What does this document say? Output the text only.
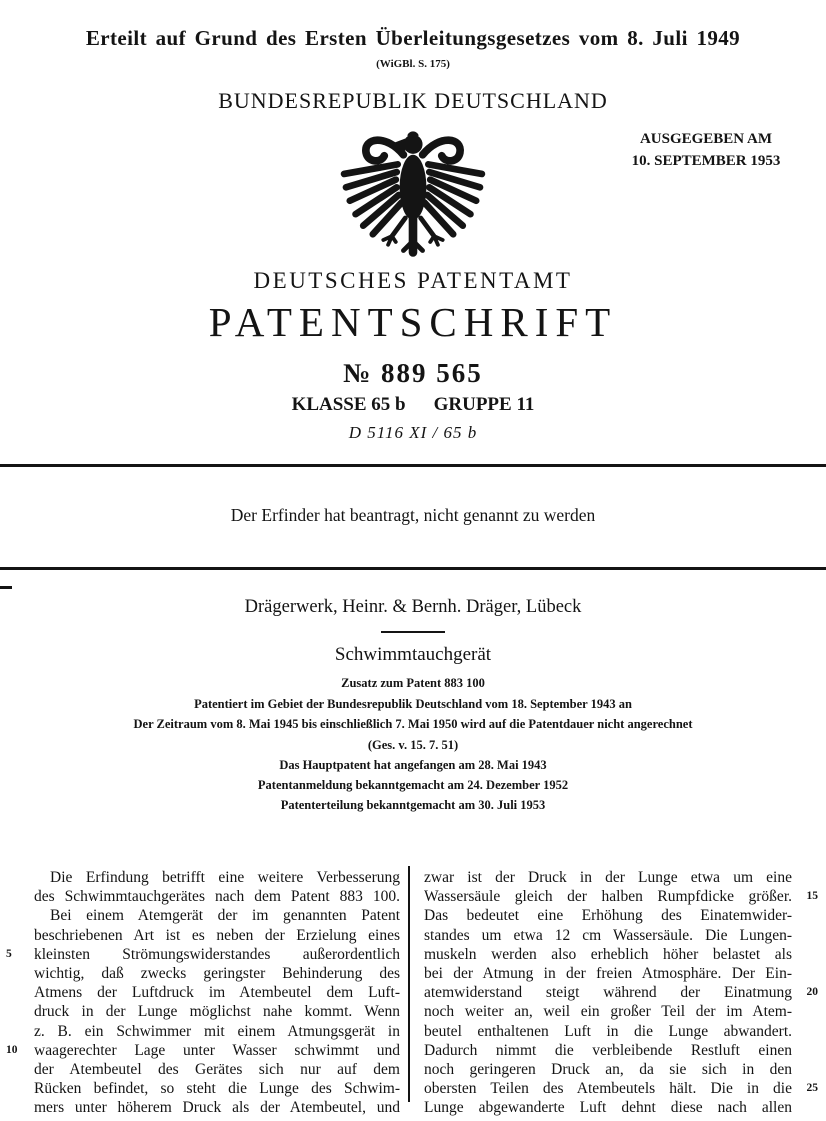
Erteilt auf Grund des Ersten Überleitungsgesetzes vom 8. Juli 1949
(WiGBl. S. 175)
BUNDESREPUBLIK DEUTSCHLAND
AUSGEGEBEN AM
10. SEPTEMBER 1953
DEUTSCHES PATENTAMT
PATENTSCHRIFT
№ 889 565
KLASSE 65 b GRUPPE 11
D 5116 XI / 65 b
Der Erfinder hat beantragt, nicht genannt zu werden
Drägerwerk, Heinr. & Bernh. Dräger, Lübeck
Schwimmtauchgerät
Zusatz zum Patent 883 100
Patentiert im Gebiet der Bundesrepublik Deutschland vom 18. September 1943 an
Der Zeitraum vom 8. Mai 1945 bis einschließlich 7. Mai 1950 wird auf die Patentdauer nicht angerechnet
(Ges. v. 15. 7. 51)
Das Hauptpatent hat angefangen am 28. Mai 1943
Patentanmeldung bekanntgemacht am 24. Dezember 1952
Patenterteilung bekanntgemacht am 30. Juli 1953
Die Erfindung betrifft eine weitere Verbesserung
des Schwimmtauchgerätes nach dem Patent 883 100.
Bei einem Atemgerät der im genannten Patent
beschriebenen Art ist es neben der Erzielung eines
5	kleinsten Strömungswiderstandes außerordentlich
wichtig, daß zwecks geringster Behinderung des
Atmens der Luftdruck im Atembeutel dem Luft-
druck in der Lunge möglichst nahe kommt. Wenn
z. B. ein Schwimmer mit einem Atmungsgerät in
10	waagerechter Lage unter Wasser schwimmt und
der Atembeutel des Gerätes sich nur auf dem
Rücken befindet, so steht die Lunge des Schwim-
mers unter höherem Druck als der Atembeutel, und
zwar ist der Druck in der Lunge etwa um eine
Wassersäule gleich der halben Rumpfdicke größer.	15
Das bedeutet eine Erhöhung des Einatemwider-
standes um etwa 12 cm Wassersäule. Die Lungen-
muskeln werden also erheblich höher belastet als
bei der Atmung in der freien Atmosphäre. Der Ein-
atemwiderstand steigt während der Einatmung	20
noch weiter an, weil ein großer Teil der im Atem-
beutel enthaltenen Luft in die Lunge abwandert.
Dadurch nimmt die verbleibende Restluft einen
noch geringeren Druck an, da sie sich in den
obersten Teilen des Atembeutels hält. Die in die	25
Lunge abgewanderte Luft dehnt diese nach allen
